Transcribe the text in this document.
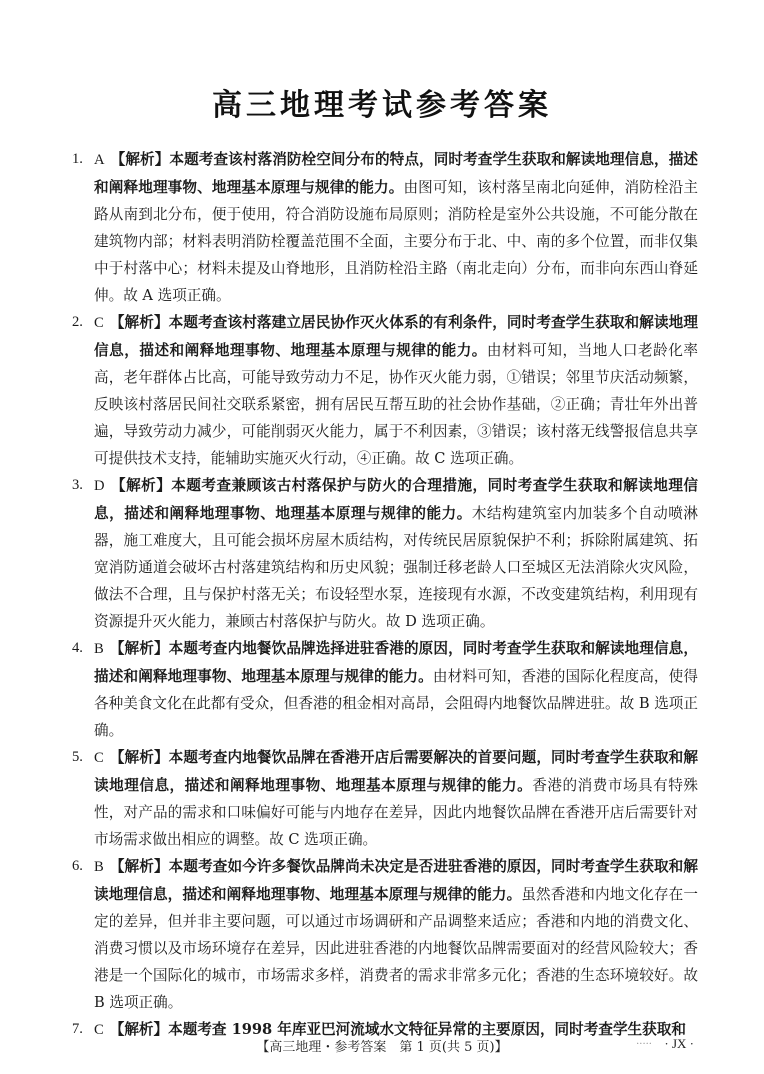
高三地理考试参考答案

1. A 【解析】本题考查该村落消防栓空间分布的特点，同时考查学生获取和解读地理信息，描述和阐释地理事物、地理基本原理与规律的能力。由图可知，该村落呈南北向延伸，消防栓沿主路从南到北分布，便于使用，符合消防设施布局原则；消防栓是室外公共设施，不可能分散在建筑物内部；材料表明消防栓覆盖范围不全面，主要分布于北、中、南的多个位置，而非仅集中于村落中心；材料未提及山脊地形，且消防栓沿主路（南北走向）分布，而非向东西山脊延伸。故 A 选项正确。

2. C 【解析】本题考查该村落建立居民协作灭火体系的有利条件，同时考查学生获取和解读地理信息，描述和阐释地理事物、地理基本原理与规律的能力。由材料可知，当地人口老龄化率高，老年群体占比高，可能导致劳动力不足，协作灭火能力弱，①错误；邻里节庆活动频繁，反映该村落居民间社交联系紧密，拥有居民互帮互助的社会协作基础，②正确；青壮年外出普遍，导致劳动力减少，可能削弱灭火能力，属于不利因素，③错误；该村落无线警报信息共享可提供技术支持，能辅助实施灭火行动，④正确。故 C 选项正确。

3. D 【解析】本题考查兼顾该古村落保护与防火的合理措施，同时考查学生获取和解读地理信息，描述和阐释地理事物、地理基本原理与规律的能力。木结构建筑室内加装多个自动喷淋器，施工难度大，且可能会损坏房屋木质结构，对传统民居原貌保护不利；拆除附属建筑、拓宽消防通道会破坏古村落建筑结构和历史风貌；强制迁移老龄人口至城区无法消除火灾风险，做法不合理，且与保护村落无关；布设轻型水泵，连接现有水源，不改变建筑结构，利用现有资源提升灭火能力，兼顾古村落保护与防火。故 D 选项正确。

4. B 【解析】本题考查内地餐饮品牌选择进驻香港的原因，同时考查学生获取和解读地理信息，描述和阐释地理事物、地理基本原理与规律的能力。由材料可知，香港的国际化程度高，使得各种美食文化在此都有受众，但香港的租金相对高昂，会阻碍内地餐饮品牌进驻。故 B 选项正确。

5. C 【解析】本题考查内地餐饮品牌在香港开店后需要解决的首要问题，同时考查学生获取和解读地理信息，描述和阐释地理事物、地理基本原理与规律的能力。香港的消费市场具有特殊性，对产品的需求和口味偏好可能与内地存在差异，因此内地餐饮品牌在香港开店后需要针对市场需求做出相应的调整。故 C 选项正确。

6. B 【解析】本题考查如今许多餐饮品牌尚未决定是否进驻香港的原因，同时考查学生获取和解读地理信息，描述和阐释地理事物、地理基本原理与规律的能力。虽然香港和内地文化存在一定的差异，但并非主要问题，可以通过市场调研和产品调整来适应；香港和内地的消费文化、消费习惯以及市场环境存在差异，因此进驻香港的内地餐饮品牌需要面对的经营风险较大；香港是一个国际化的城市，市场需求多样，消费者的需求非常多元化；香港的生态环境较好。故 B 选项正确。

7. C 【解析】本题考查 1998 年库亚巴河流域水文特征异常的主要原因，同时考查学生获取和

【高三地理・参考答案　第 1 页(共 5 页)】	····· · JX ·
